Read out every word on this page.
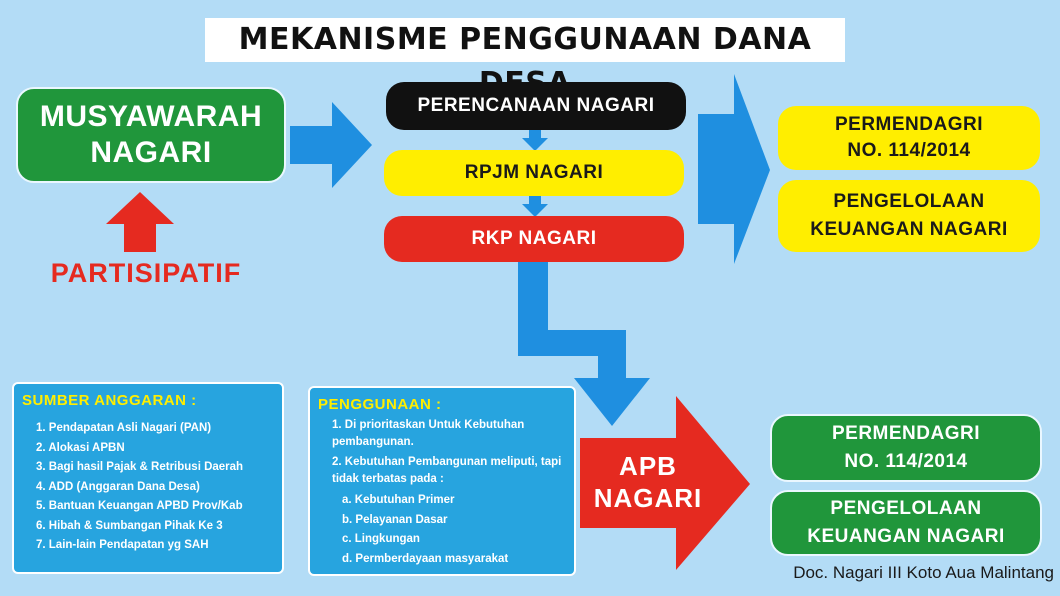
MEKANISME PENGGUNAAN DANA
MUSYAWARAH
NAGARI
PARTISIPATIF
PERENCANAAN NAGARI
RPJM NAGARI
RKP NAGARI
PERMENDAGRI
NO. 114/2014
PENGELOLAAN
KEUANGAN NAGARI
SUMBER ANGGARAN :
1. Pendapatan Asli Nagari (PAN)
2. Alokasi APBN
3. Bagi hasil Pajak & Retribusi Daerah
4. ADD (Anggaran Dana Desa)
5. Bantuan Keuangan APBD Prov/Kab
6. Hibah & Sumbangan Pihak Ke 3
7. Lain-lain Pendapatan yg SAH
PENGGUNAAN :
1. Di prioritaskan Untuk Kebutuhan pembangunan.
2. Kebutuhan Pembangunan meliputi, tapi tidak terbatas pada :
a. Kebutuhan Primer
b. Pelayanan Dasar
c. Lingkungan
d. Permberdayaan masyarakat
APB
NAGARI
PERMENDAGRI
NO. 114/2014
PENGELOLAAN
KEUANGAN NAGARI
Doc. Nagari III Koto Aua Malintang
